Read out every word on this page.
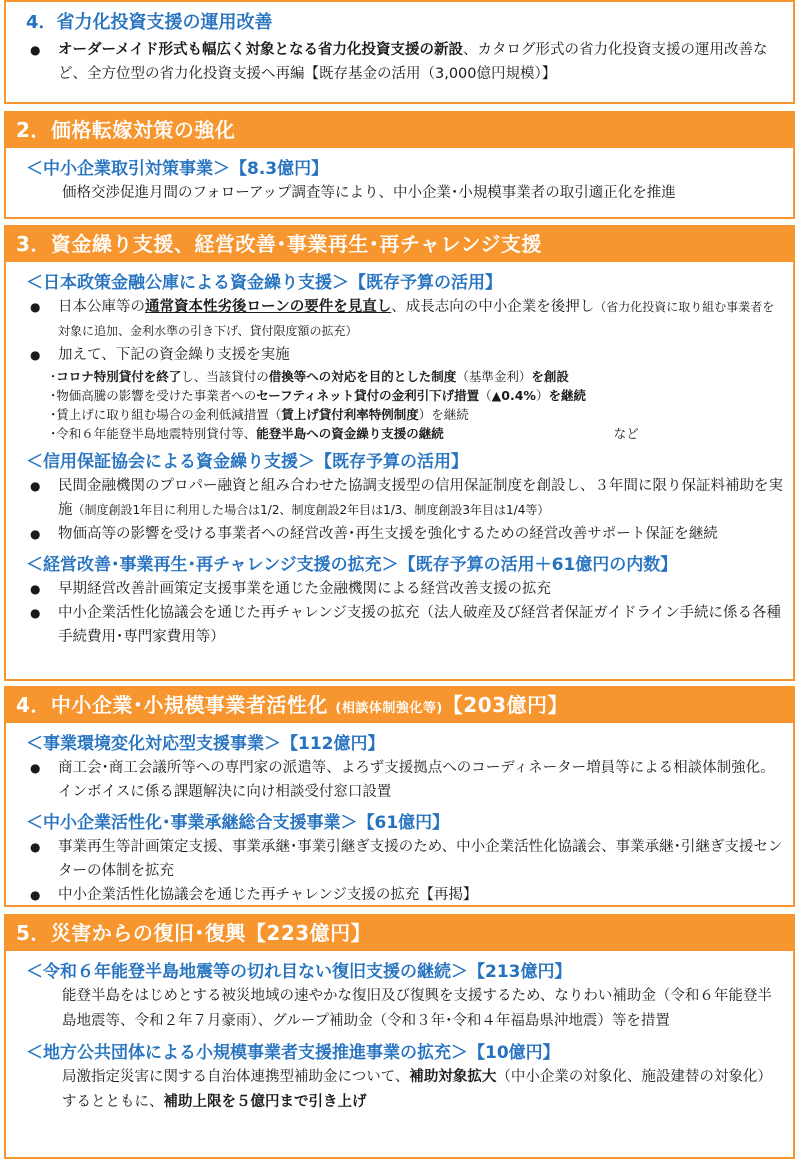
4．省力化投資支援の運用改善
● オーダーメイド形式も幅広く対象となる省力化投資支援の新設、カタログ形式の省力化投資支援の運用改善など、全方位型の省力化投資支援へ再編【既存基金の活用（3,000億円規模）】
2．価格転嫁対策の強化
＜中小企業取引対策事業＞【8.3億円】
価格交渉促進月間のフォローアップ調査等により、中小企業･小規模事業者の取引適正化を推進
3．資金繰り支援、経営改善･事業再生･再チャレンジ支援
＜日本政策金融公庫による資金繰り支援＞【既存予算の活用】
● 日本公庫等の通常資本性劣後ローンの要件を見直し、成長志向の中小企業を後押し（省力化投資に取り組む事業者を対象に追加、金利水準の引き下げ、貸付限度額の拡充）
● 加えて、下記の資金繰り支援を実施
･コロナ特別貸付を終了し、当該貸付の借換等への対応を目的とした制度（基準金利）を創設
･物価高騰の影響を受けた事業者へのセーフティネット貸付の金利引下げ措置（▲0.4%）を継続
･賃上げに取り組む場合の金利低減措置（賃上げ貸付利率特例制度）を継続
･令和６年能登半島地震特別貸付等、能登半島への資金繰り支援の継続	など
＜信用保証協会による資金繰り支援＞【既存予算の活用】
● 民間金融機関のプロパー融資と組み合わせた協調支援型の信用保証制度を創設し、３年間に限り保証料補助を実施（制度創設1年目に利用した場合は1/2、制度創設2年目は1/3、制度創設3年目は1/4等）
● 物価高等の影響を受ける事業者への経営改善･再生支援を強化するための経営改善サポート保証を継続
＜経営改善･事業再生･再チャレンジ支援の拡充＞【既存予算の活用＋61億円の内数】
● 早期経営改善計画策定支援事業を通じた金融機関による経営改善支援の拡充
● 中小企業活性化協議会を通じた再チャレンジ支援の拡充（法人破産及び経営者保証ガイドライン手続に係る各種手続費用･専門家費用等）
4．中小企業･小規模事業者活性化 (相談体制強化等)【203億円】
＜事業環境変化対応型支援事業＞【112億円】
● 商工会･商工会議所等への専門家の派遣等、よろず支援拠点へのコーディネーター増員等による相談体制強化。インボイスに係る課題解決に向け相談受付窓口設置
＜中小企業活性化･事業承継総合支援事業＞【61億円】
● 事業再生等計画策定支援、事業承継･事業引継ぎ支援のため、中小企業活性化協議会、事業承継･引継ぎ支援センターの体制を拡充
● 中小企業活性化協議会を通じた再チャレンジ支援の拡充【再掲】
5．災害からの復旧･復興【223億円】
＜令和６年能登半島地震等の切れ目ない復旧支援の継続＞【213億円】
能登半島をはじめとする被災地域の速やかな復旧及び復興を支援するため、なりわい補助金（令和６年能登半島地震等、令和２年７月豪雨）、グループ補助金（令和３年･令和４年福島県沖地震）等を措置
＜地方公共団体による小規模事業者支援推進事業の拡充＞【10億円】
局激指定災害に関する自治体連携型補助金について、補助対象拡大（中小企業の対象化、施設建替の対象化）するとともに、補助上限を５億円まで引き上げ
